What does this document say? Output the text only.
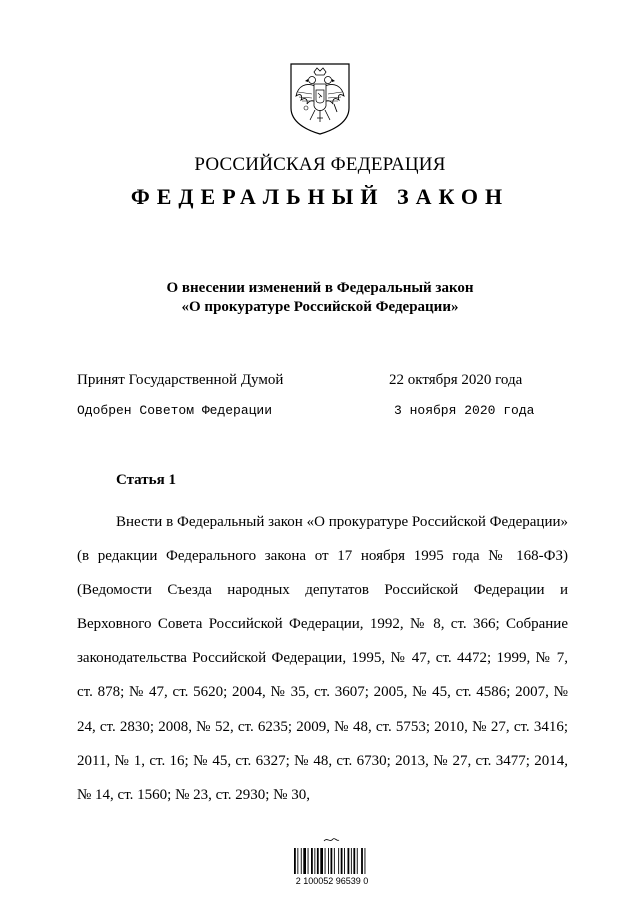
РОССИЙСКАЯ ФЕДЕРАЦИЯ
ФЕДЕРАЛЬНЫЙ ЗАКОН
О внесении изменений в Федеральный закон
«О прокуратуре Российской Федерации»
Принят Государственной Думой	22 октября 2020 года
Одобрен Советом Федерации	3 ноября 2020 года
Статья 1

Внести в Федеральный закон «О прокуратуре Российской Федерации» (в редакции Федерального закона от 17 ноября 1995 года № 168-ФЗ) (Ведомости Съезда народных депутатов Российской Федерации и Верховного Совета Российской Федерации, 1992, № 8, ст. 366; Собрание законодательства Российской Федерации, 1995, № 47, ст. 4472; 1999, № 7, ст. 878; № 47, ст. 5620; 2004, № 35, ст. 3607; 2005, № 45, ст. 4586; 2007, № 24, ст. 2830; 2008, № 52, ст. 6235; 2009, № 48, ст. 5753; 2010, № 27, ст. 3416; 2011, № 1, ст. 16; № 45, ст. 6327; № 48, ст. 6730; 2013, № 27, ст. 3477; 2014, № 14, ст. 1560; № 23, ст. 2930; № 30,

2 100052 96539 0
